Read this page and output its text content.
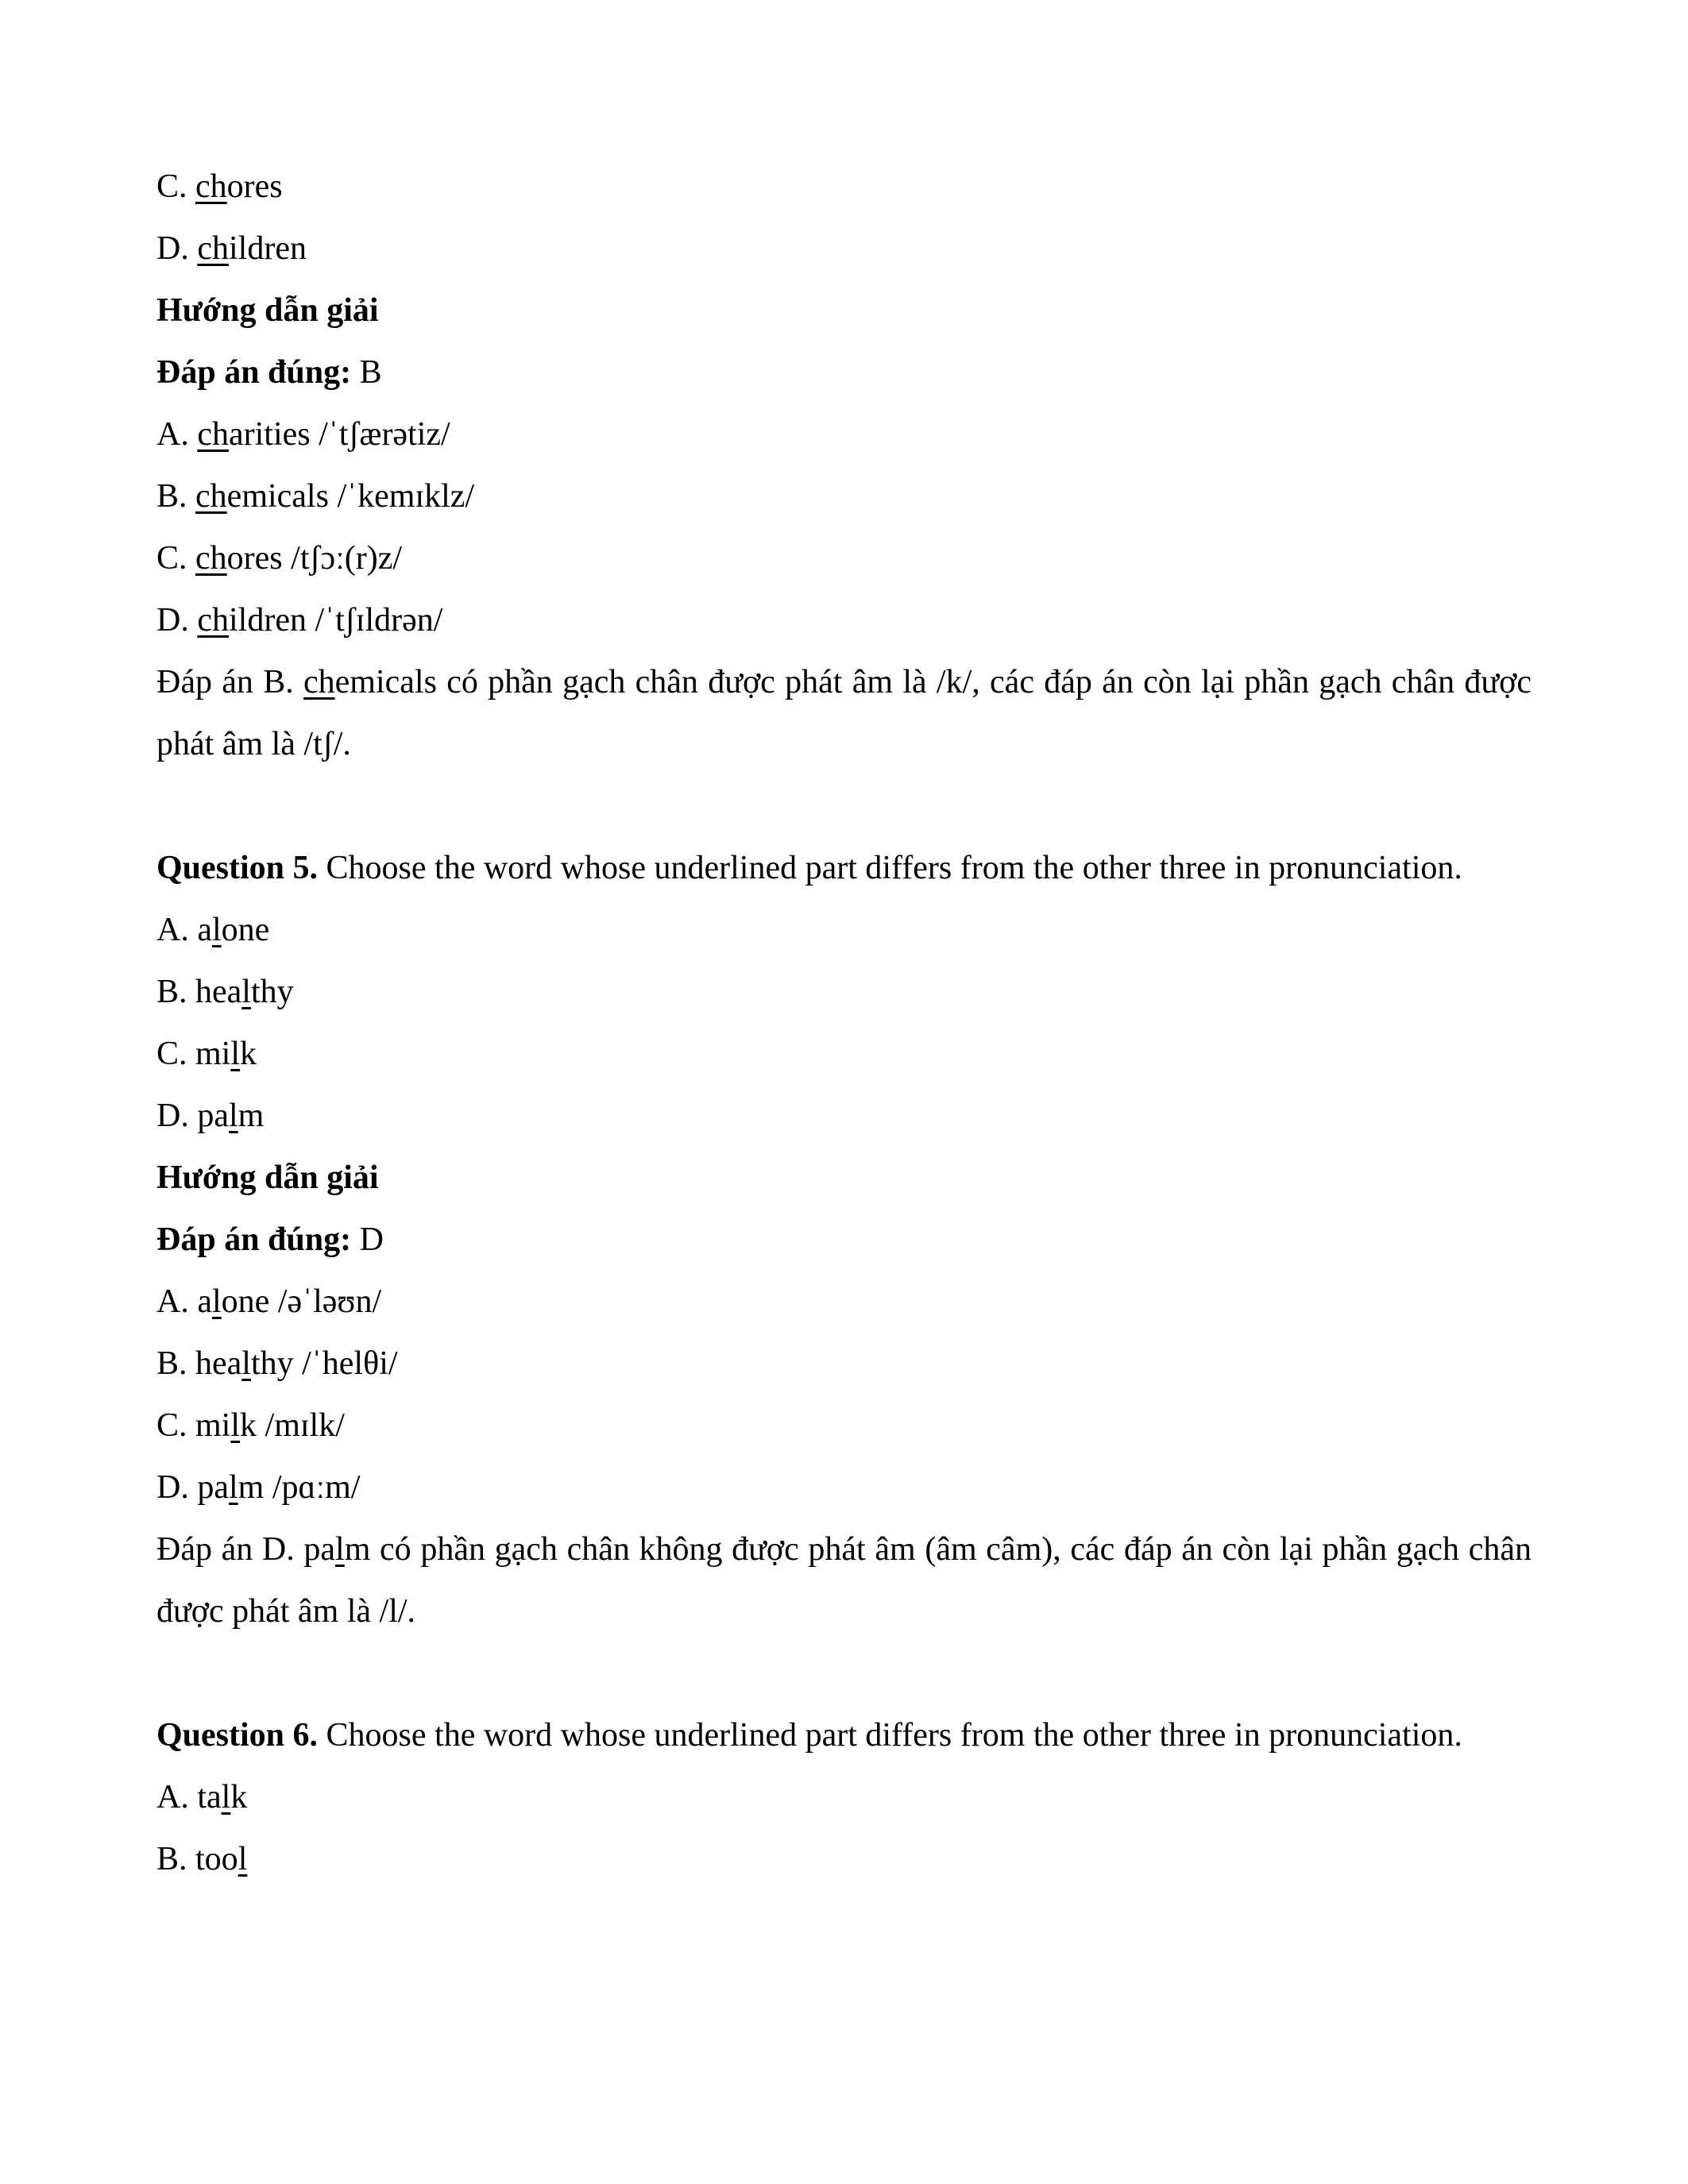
C. chores

D. children

Hướng dẫn giải

Đáp án đúng: B

A. charities /ˈtʃærətiz/

B. chemicals /ˈkemɪklz/

C. chores /tʃɔː(r)z/

D. children /ˈtʃɪldrən/

Đáp án B. chemicals có phần gạch chân được phát âm là /k/, các đáp án còn lại phần gạch chân được phát âm là /tʃ/.

Question 5. Choose the word whose underlined part differs from the other three in pronunciation.

A. alone

B. healthy

C. milk

D. palm

Hướng dẫn giải

Đáp án đúng: D

A. alone /əˈləʊn/

B. healthy /ˈhelθi/

C. milk /mɪlk/

D. palm /pɑːm/

Đáp án D. palm có phần gạch chân không được phát âm (âm câm), các đáp án còn lại phần gạch chân được phát âm là /l/.

Question 6. Choose the word whose underlined part differs from the other three in pronunciation.

A. talk

B. tool
